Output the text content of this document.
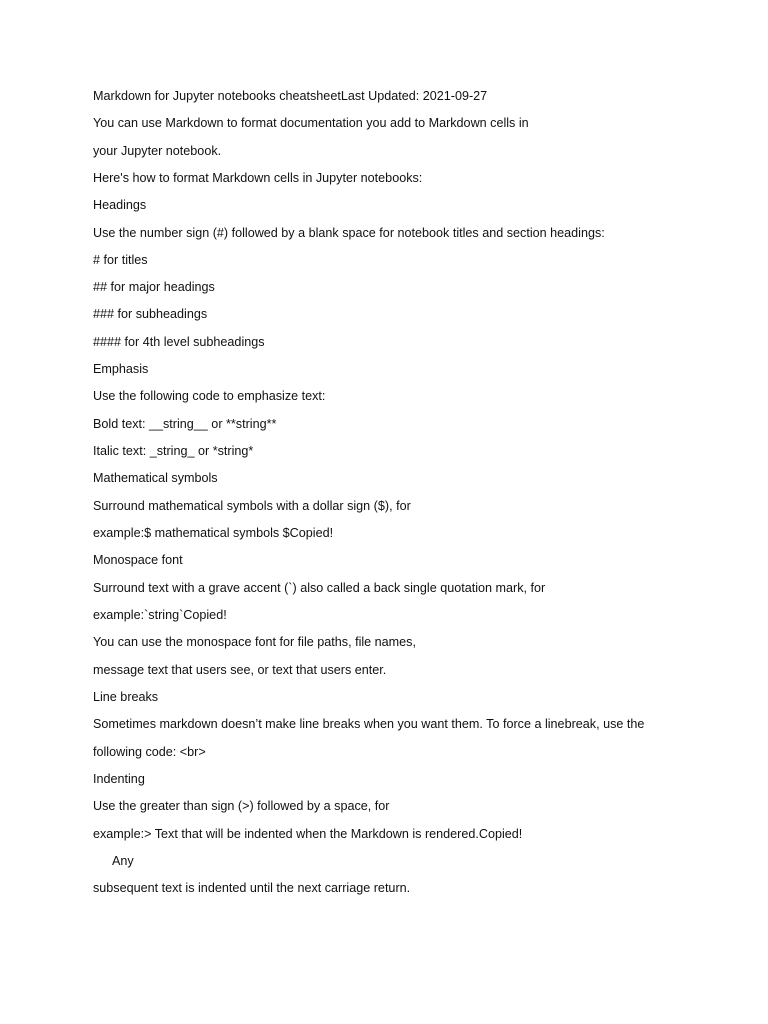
Markdown for Jupyter notebooks cheatsheetLast Updated: 2021-09-27
You can use Markdown to format documentation you add to Markdown cells in
your Jupyter notebook.
Here's how to format Markdown cells in Jupyter notebooks:
Headings
Use the number sign (#) followed by a blank space for notebook titles and section headings:
# for titles
## for major headings
### for subheadings
#### for 4th level subheadings
Emphasis
Use the following code to emphasize text:
Bold text: __string__ or **string**
Italic text: _string_ or *string*
Mathematical symbols
Surround mathematical symbols with a dollar sign ($), for
example:$ mathematical symbols $Copied!
Monospace font
Surround text with a grave accent (`) also called a back single quotation mark, for
example:`string`Copied!
You can use the monospace font for file paths, file names,
message text that users see, or text that users enter.
Line breaks
Sometimes markdown doesn’t make line breaks when you want them. To force a linebreak, use the
following code: <br>
Indenting
Use the greater than sign (>) followed by a space, for
example:> Text that will be indented when the Markdown is rendered.Copied!
Any
subsequent text is indented until the next carriage return.
